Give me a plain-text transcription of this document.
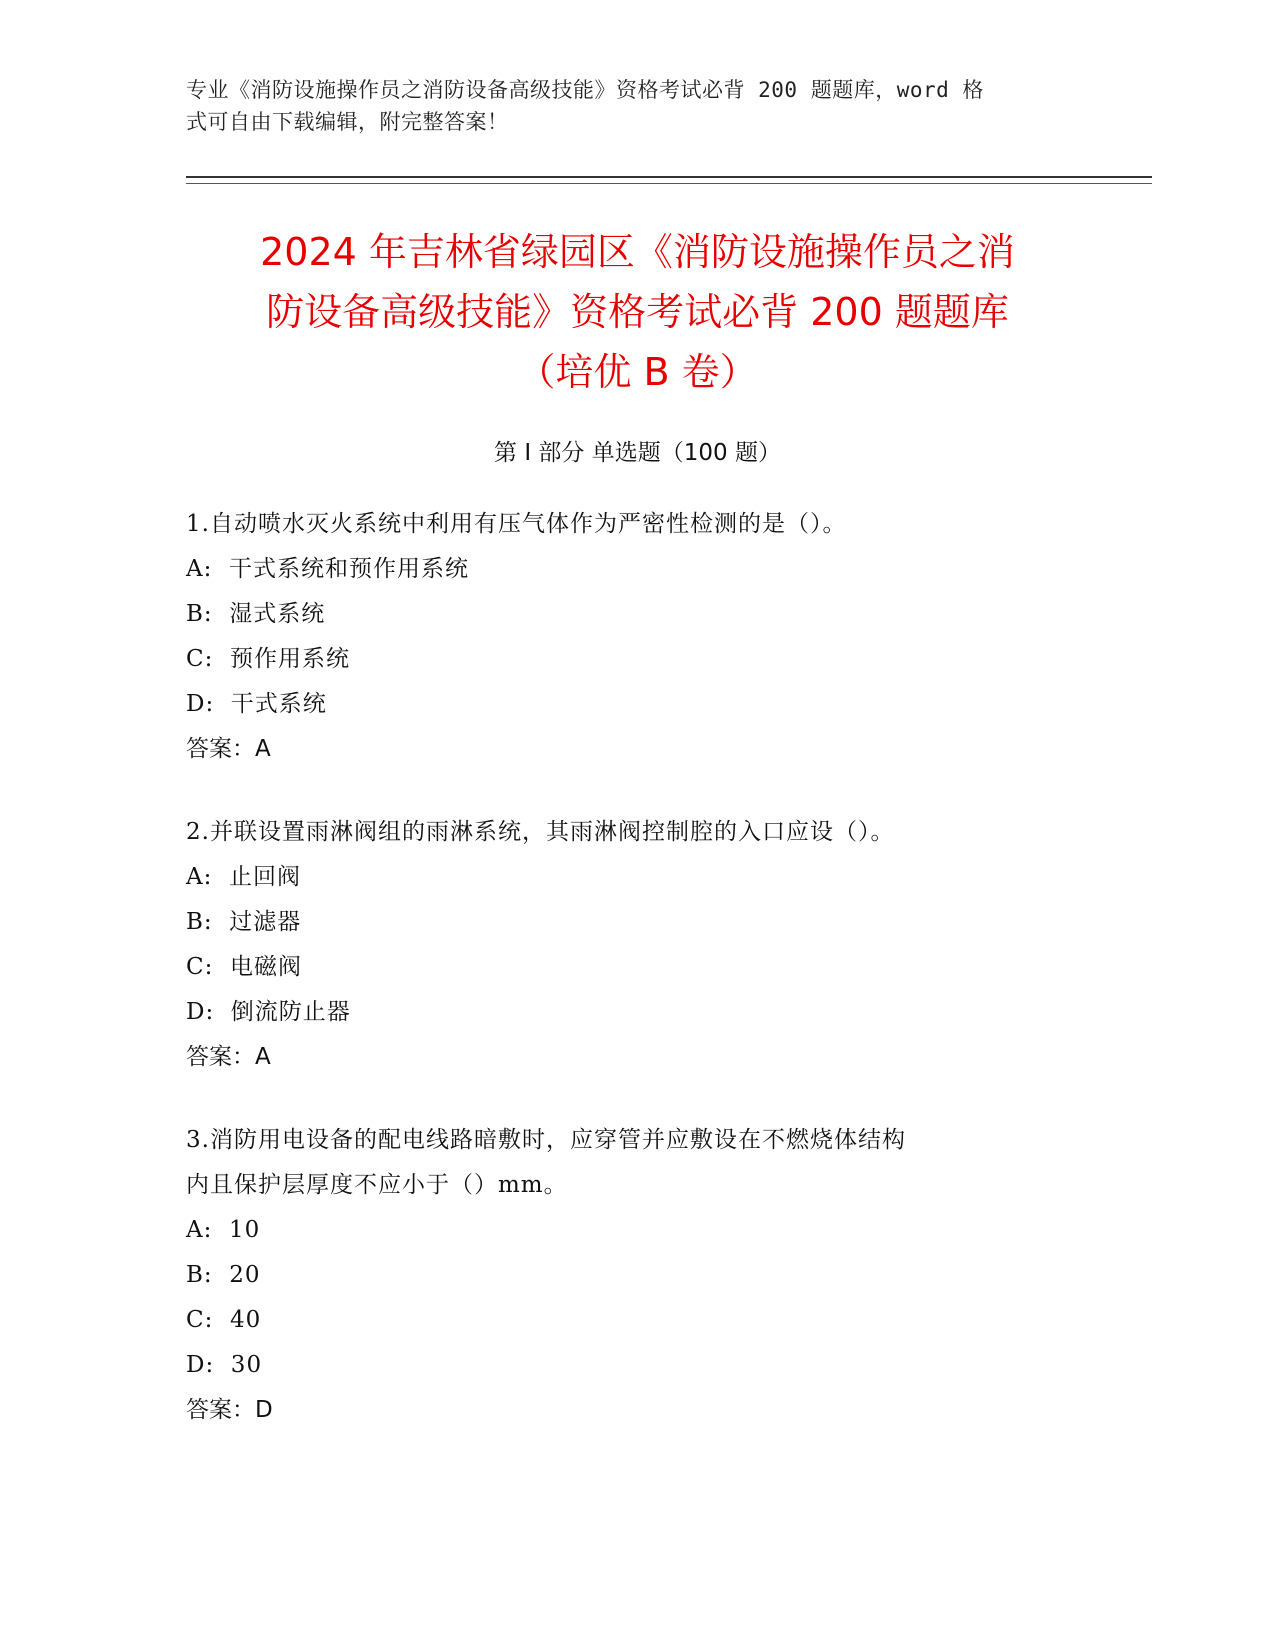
专业《消防设施操作员之消防设备高级技能》资格考试必背 200 题题库，word 格
式可自由下载编辑，附完整答案！
2024 年吉林省绿园区《消防设施操作员之消
防设备高级技能》资格考试必背 200 题题库
（培优 B 卷）
第 I 部分 单选题（100 题）

1.自动喷水灭火系统中利用有压气体作为严密性检测的是（）。

A:  干式系统和预作用系统

B:  湿式系统

C:  预作用系统

D:  干式系统

答案：A

2.并联设置雨淋阀组的雨淋系统，其雨淋阀控制腔的入口应设（）。

A:  止回阀

B:  过滤器

C:  电磁阀

D:  倒流防止器

答案：A

3.消防用电设备的配电线路暗敷时，应穿管并应敷设在不燃烧体结构

内且保护层厚度不应小于（）mm。

A:  10

B:  20

C:  40

D:  30

答案：D
